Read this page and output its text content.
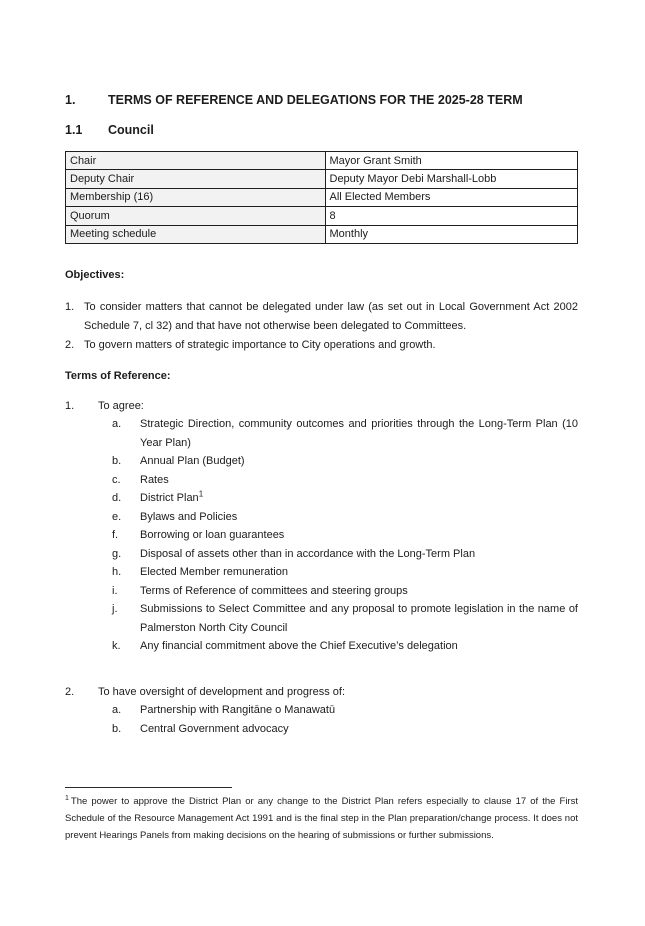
1.	TERMS OF REFERENCE AND DELEGATIONS FOR THE 2025-28 TERM
1.1	Council
Chair	Mayor Grant Smith
Deputy Chair	Deputy Mayor Debi Marshall-Lobb
Membership (16)	All Elected Members
Quorum	8
Meeting schedule	Monthly

Objectives:

1. To consider matters that cannot be delegated under law (as set out in Local Government Act 2002 Schedule 7, cl 32) and that have not otherwise been delegated to Committees.
2. To govern matters of strategic importance to City operations and growth.

Terms of Reference:

1.	To agree:
a.	Strategic Direction, community outcomes and priorities through the Long-Term Plan (10 Year Plan)
b.	Annual Plan (Budget)
c.	Rates
d.	District Plan$^1$
e.	Bylaws and Policies
f.	Borrowing or loan guarantees
g.	Disposal of assets other than in accordance with the Long-Term Plan
h.	Elected Member remuneration
i.	Terms of Reference of committees and steering groups
j.	Submissions to Select Committee and any proposal to promote legislation in the name of Palmerston North City Council
k.	Any financial commitment above the Chief Executive’s delegation
2.	To have oversight of development and progress of:
a.	Partnership with Rangitāne o Manawatū
b.	Central Government advocacy
$^1$ The power to approve the District Plan or any change to the District Plan refers especially to clause 17 of the First Schedule of the Resource Management Act 1991 and is the final step in the Plan preparation/change process. It does not prevent Hearings Panels from making decisions on the hearing of submissions or further submissions.
